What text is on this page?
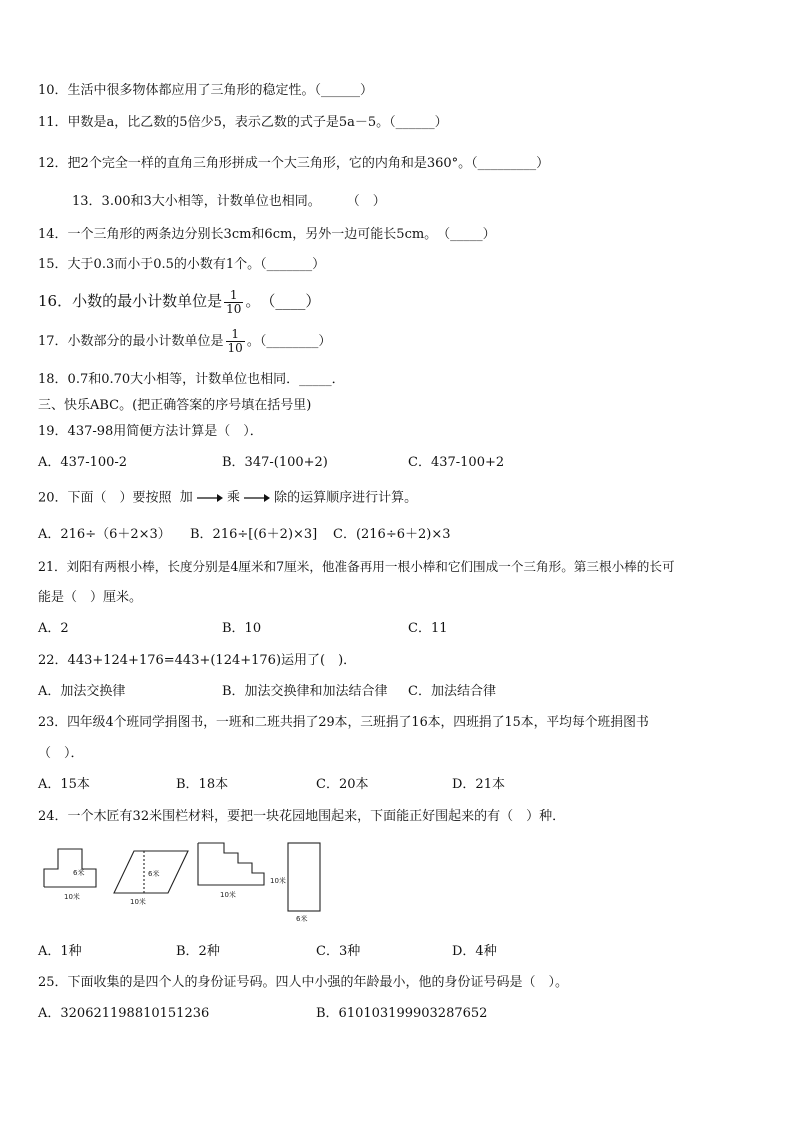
10．生活中很多物体都应用了三角形的稳定性。（______）
11．甲数是a，比乙数的5倍少5，表示乙数的式子是5a－5。（______）
12．把2个完全一样的直角三角形拼成一个大三角形，它的内角和是360°。（_________）
13．3.00和3大小相等，计数单位也相同。　　　（　）
14．一个三角形的两条边分别长3cm和6cm，另外一边可能长5cm。　（_____）
15．大于0.3而小于0.5的小数有1个。（_______）
16．小数的最小计数单位是 $\frac{1}{10}$ 。　（____）
17．小数部分的最小计数单位是 $\frac{1}{10}$ 。（________）
18．0.7和0.70大小相等，计数单位也相同．_____．
三、快乐ABC。(把正确答案的序号填在括号里)
19．437-98用简便方法计算是（　）．
A．437-100-2	B．347-(100+2)	C．437-100+2
20．下面（　）要按照 加	乘	除的运算顺序进行计算。
A．216÷（6＋2×3） B．216÷[(6＋2)×3] C．(216÷6＋2)×3
21．刘阳有两根小棒，长度分别是4厘米和7厘米，他准备再用一根小棒和它们围成一个三角形。第三根小棒的长可
能是（　）厘米。
A．2	B．10	C．11
22．443+124+176=443+(124+176)运用了(　)．
A．加法交换律	B．加法交换律和加法结合律 C．加法结合律
23．四年级4个班同学捐图书，一班和二班共捐了29本，三班捐了16本，四班捐了15本，平均每个班捐图书
（　）．
A．15本	B．18本	C．20本	D．21本
24．一个木匠有32米围栏材料，要把一块花园地围起来，下面能正好围起来的有（　）种．
6米
10米
6米
10米
10米
10米
6米
A．1种	B．2种	C．3种	D．4种
25．下面收集的是四个人的身份证号码。四人中小强的年龄最小，他的身份证号码是（　）。
A．320621198810151236	B．610103199903287652
